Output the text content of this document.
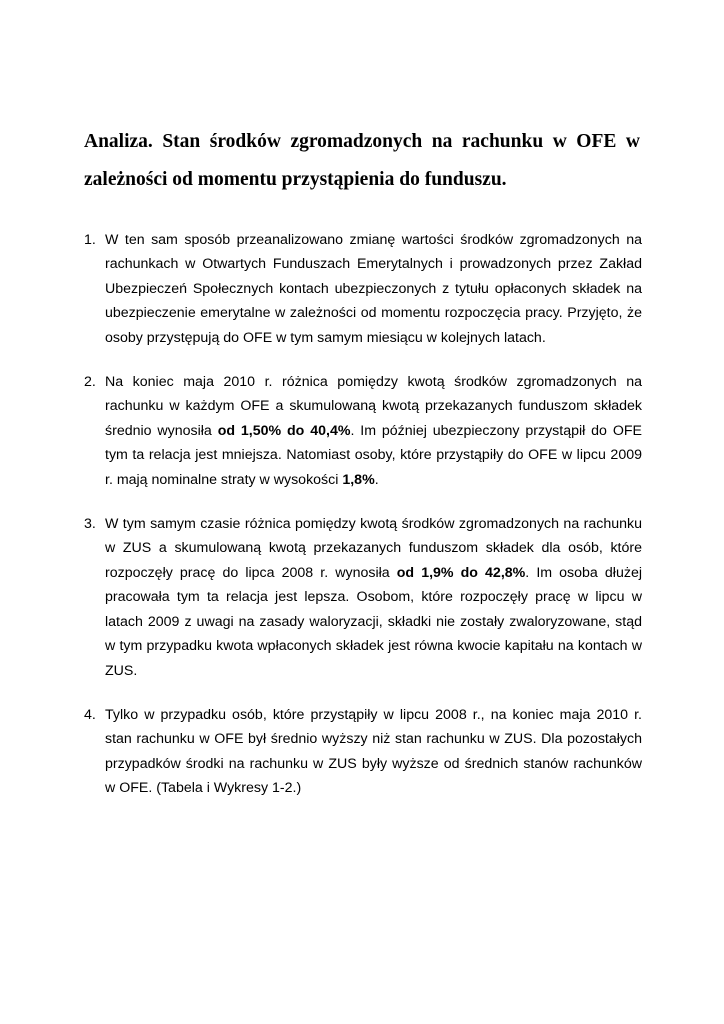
Analiza. Stan środków zgromadzonych na rachunku w OFE w zależności od momentu przystąpienia do funduszu.
1. W ten sam sposób przeanalizowano zmianę wartości środków zgromadzonych na rachunkach w Otwartych Funduszach Emerytalnych i prowadzonych przez Zakład Ubezpieczeń Społecznych kontach ubezpieczonych z tytułu opłaconych składek na ubezpieczenie emerytalne w zależności od momentu rozpoczęcia pracy. Przyjęto, że osoby przystępują do OFE w tym samym miesiącu w kolejnych latach.
2. Na koniec maja 2010 r. różnica pomiędzy kwotą środków zgromadzonych na rachunku w każdym OFE a skumulowaną kwotą przekazanych funduszom składek średnio wynosiła od 1,50% do 40,4%. Im później ubezpieczony przystąpił do OFE tym ta relacja jest mniejsza. Natomiast osoby, które przystąpiły do OFE w lipcu 2009 r. mają nominalne straty w wysokości 1,8%.
3. W tym samym czasie różnica pomiędzy kwotą środków zgromadzonych na rachunku w ZUS a skumulowaną kwotą przekazanych funduszom składek dla osób, które rozpoczęły pracę do lipca 2008 r. wynosiła od 1,9% do 42,8%. Im osoba dłużej pracowała tym ta relacja jest lepsza. Osobom, które rozpoczęły pracę w lipcu w latach 2009 z uwagi na zasady waloryzacji, składki nie zostały zwaloryzowane, stąd w tym przypadku kwota wpłaconych składek jest równa kwocie kapitału na kontach w ZUS.
4. Tylko w przypadku osób, które przystąpiły w lipcu 2008 r., na koniec maja 2010 r. stan rachunku w OFE był średnio wyższy niż stan rachunku w ZUS. Dla pozostałych przypadków środki na rachunku w ZUS były wyższe od średnich stanów rachunków w OFE. (Tabela i Wykresy 1-2.)
